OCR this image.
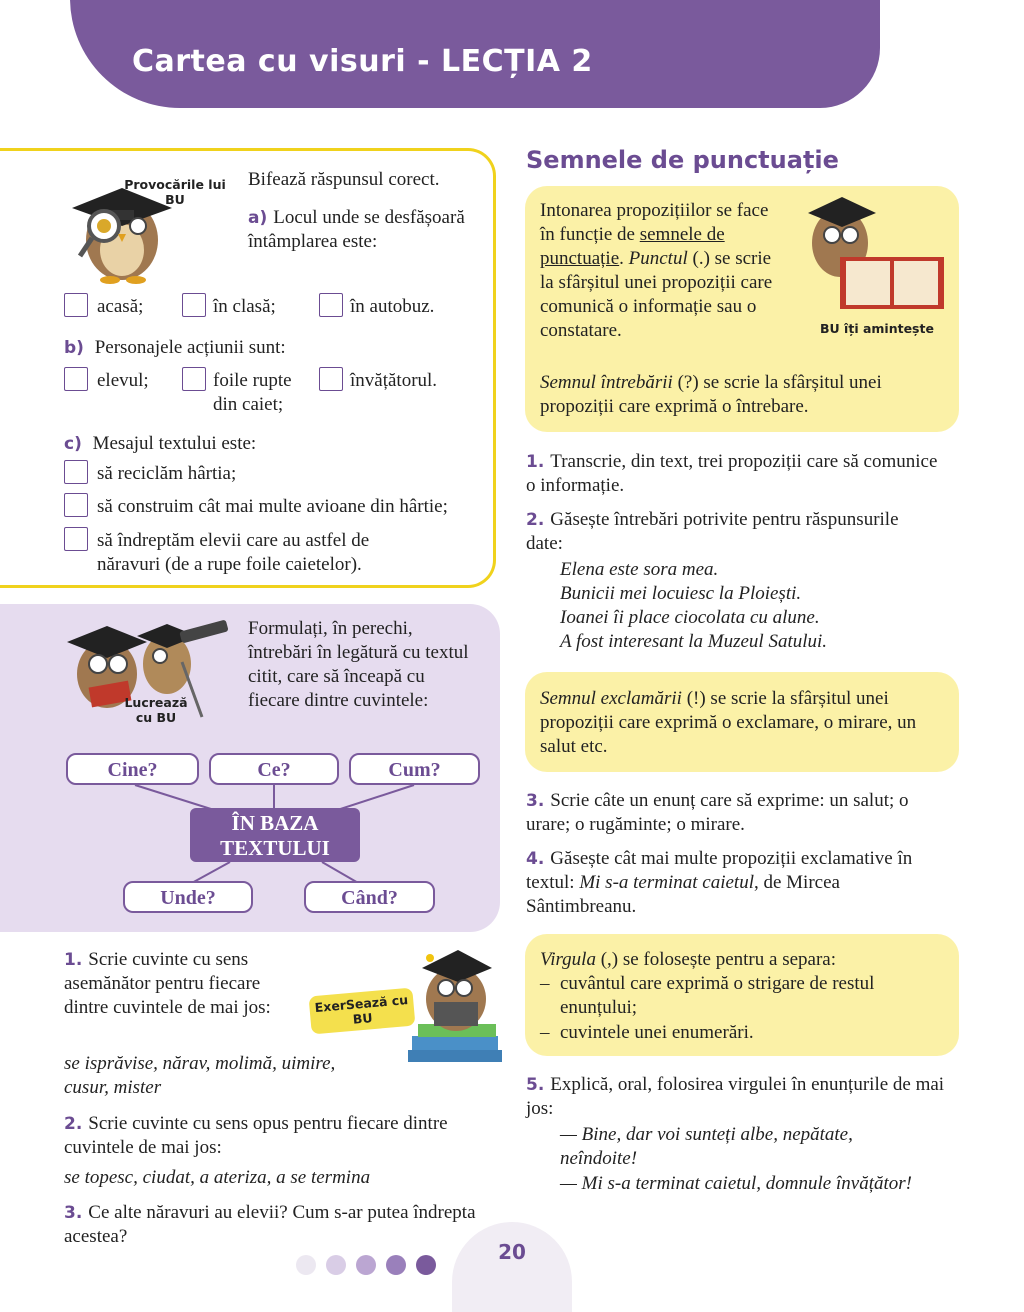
Cartea cu visuri - LECȚIA 2
Provocările lui BU
Bifează răspunsul corect.
a) Locul unde se desfășoară întâmplarea este:
acasă;	în clasă;	în autobuz.
b) Personajele acțiunii sunt:
elevul;	foile rupte din caiet;
învățătorul.
c) Mesajul textului este:
să reciclăm hârtia;
să construim cât mai multe avioane din hârtie;
să îndreptăm elevii care au astfel de năravuri (de a rupe foile caietelor).
Lucrează cu BU
Formulați, în perechi, întrebări în legătură cu textul citit, care să înceapă cu fiecare dintre cuvintele:
Cine?	Ce?	Cum?
ÎN BAZA TEXTULUI
Unde?	Când?
1. Scrie cuvinte cu sens asemănător pentru fiecare dintre cuvintele de mai jos:
se isprăvise, nărav, molimă, uimire, cusur, mister
ExerSează cu BU
2. Scrie cuvinte cu sens opus pentru fiecare dintre cuvintele de mai jos:
se topesc, ciudat, a ateriza, a se termina
3. Ce alte năravuri au elevii? Cum s-ar putea îndrepta acestea?
Semnele de punctuație
Intonarea propozițiilor se face în funcție de semnele de punctuație. Punctul (.) se scrie la sfârșitul unei propoziții care comunică o informație sau o constatare.
Semnul întrebării (?) se scrie la sfârșitul unei propoziții care exprimă o întrebare.
BU îți amintește
1. Transcrie, din text, trei propoziții care să comunice o informație.
2. Găsește întrebări potrivite pentru răspunsurile date:
Elena este sora mea.
Bunicii mei locuiesc la Ploiești.
Ioanei îi place ciocolata cu alune.
A fost interesant la Muzeul Satului.
Semnul exclamării (!) se scrie la sfârșitul unei propoziții care exprimă o exclamare, o mirare, un salut etc.
3. Scrie câte un enunț care să exprime: un salut; o urare; o rugăminte; o mirare.
4. Găsește cât mai multe propoziții exclamative în textul: Mi s-a terminat caietul, de Mircea Sântimbreanu.
Virgula (,) se folosește pentru a separa:
– cuvântul care exprimă o strigare de restul enunțului;
– cuvintele unei enumerări.
5. Explică, oral, folosirea virgulei în enunțurile de mai jos:
— Bine, dar voi sunteți albe, nepătate, neîndoite!
— Mi s-a terminat caietul, domnule învățător!
20
